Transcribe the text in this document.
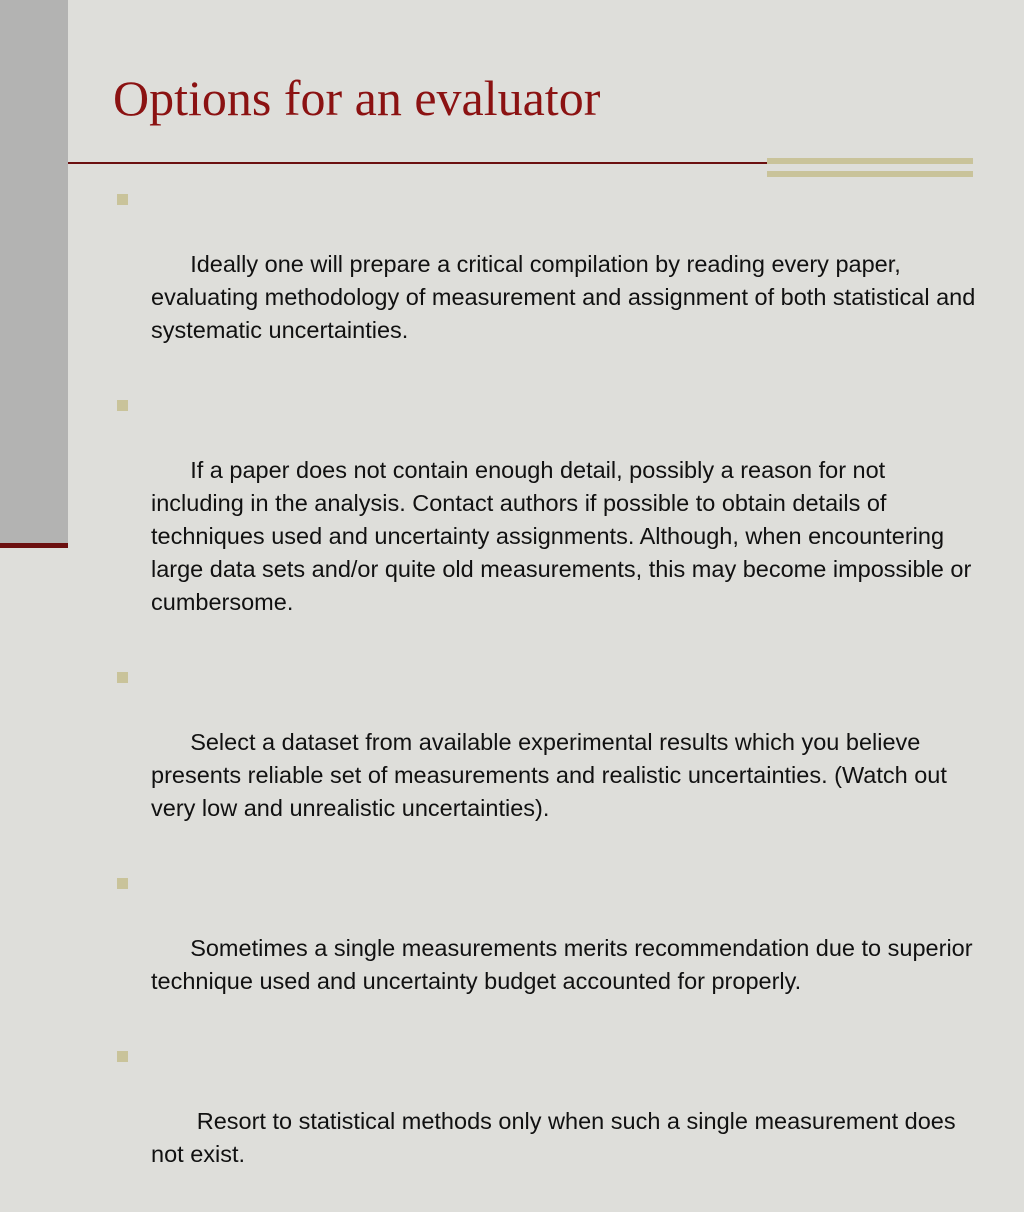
Options for an evaluator

Ideally one will prepare a critical compilation by reading every paper, evaluating methodology of measurement and assignment of both statistical and systematic uncertainties.

If a paper does not contain enough detail, possibly a reason for not including in the analysis. Contact authors if possible to obtain details of techniques used and uncertainty assignments. Although, when encountering large data sets and/or quite old measurements, this may become impossible or cumbersome.

Select a dataset from available experimental results which you believe presents reliable set of measurements and realistic uncertainties. (Watch out very low and unrealistic uncertainties).

Sometimes a single measurements merits recommendation due to superior technique used and uncertainty budget accounted for properly.

Resort to statistical methods only when such a single measurement does not exist.
